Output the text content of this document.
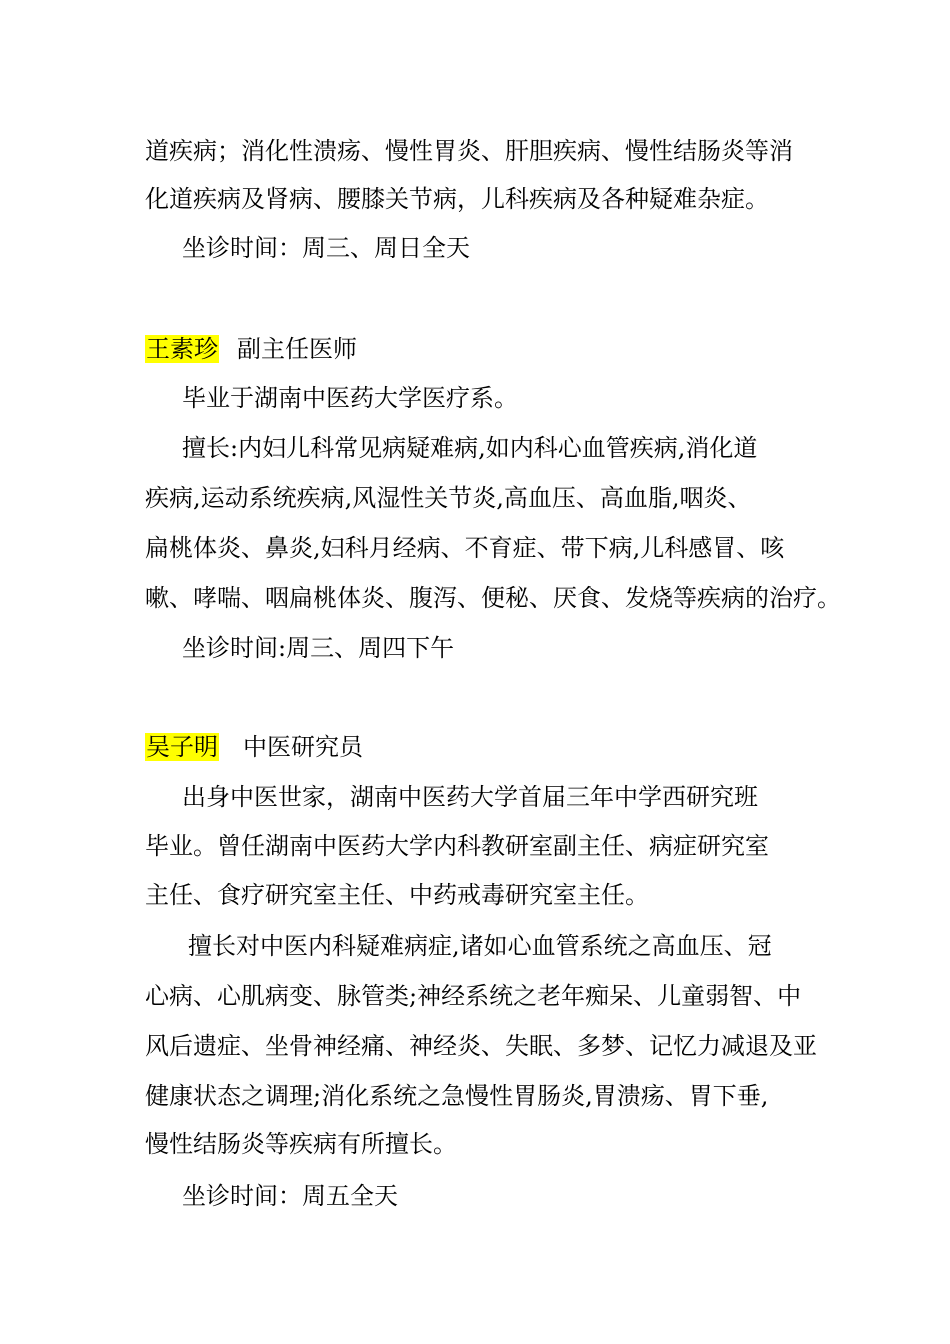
道疾病；消化性溃疡、慢性胃炎、肝胆疾病、慢性结肠炎等消
化道疾病及肾病、腰膝关节病，儿科疾病及各种疑难杂症。
坐诊时间：周三、周日全天
王素珍 副主任医师
毕业于湖南中医药大学医疗系。
擅长:内妇儿科常见病疑难病,如内科心血管疾病,消化道
疾病,运动系统疾病,风湿性关节炎,高血压、高血脂,咽炎、
扁桃体炎、鼻炎,妇科月经病、不育症、带下病,儿科感冒、咳
嗽、哮喘、咽扁桃体炎、腹泻、便秘、厌食、发烧等疾病的治疗。
坐诊时间:周三、周四下午
吴子明 中医研究员
出身中医世家，湖南中医药大学首届三年中学西研究班
毕业。曾任湖南中医药大学内科教研室副主任、病症研究室
主任、食疗研究室主任、中药戒毒研究室主任。
擅长对中医内科疑难病症,诸如心血管系统之高血压、冠
心病、心肌病变、脉管类;神经系统之老年痴呆、儿童弱智、中
风后遗症、坐骨神经痛、神经炎、失眠、多梦、记忆力减退及亚
健康状态之调理;消化系统之急慢性胃肠炎,胃溃疡、胃下垂,
慢性结肠炎等疾病有所擅长。
坐诊时间：周五全天
